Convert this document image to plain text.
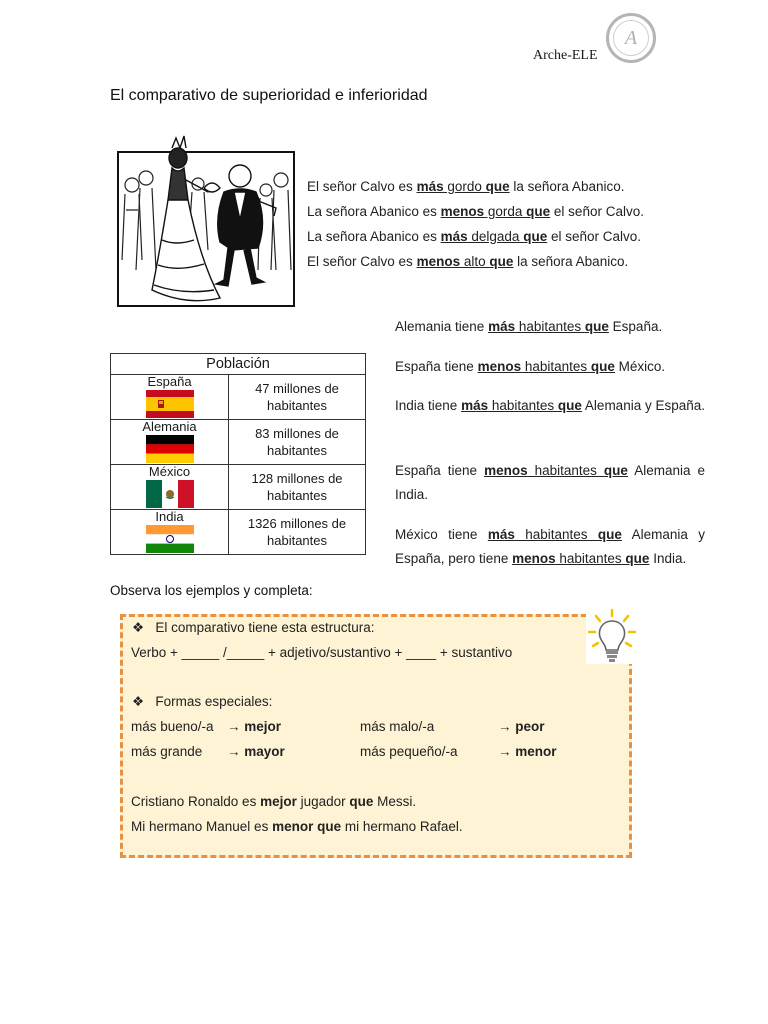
Arche-ELE
A
El comparativo de superioridad e inferioridad
El señor Calvo es más gordo que la señora Abanico.
La señora Abanico es menos gorda que el señor Calvo.
La señora Abanico es más delgada que el señor Calvo.
El señor Calvo es menos alto que la señora Abanico.
Población	

España	47 millones de habitantes

Alemania	83 millones de habitantes

México	128 millones de habitantes

India	1326 millones de habitantes
Alemania tiene más habitantes que España.
España tiene menos habitantes que México.
India tiene más habitantes que Alemania y España.
España tiene menos habitantes que Alemania e India.
México tiene más habitantes que Alemania y España, pero tiene menos habitantes que India.
Observa los ejemplos y completa:
❖ El comparativo tiene esta estructura:
Verbo + _____ /_____ + adjetivo/sustantivo + ____ + sustantivo
❖ Formas especiales:
más bueno/-a → mejor	más malo/-a	→ peor
más grande → mayor	más pequeño/-a	→ menor
Cristiano Ronaldo es mejor jugador que Messi.
Mi hermano Manuel es menor que mi hermano Rafael.
